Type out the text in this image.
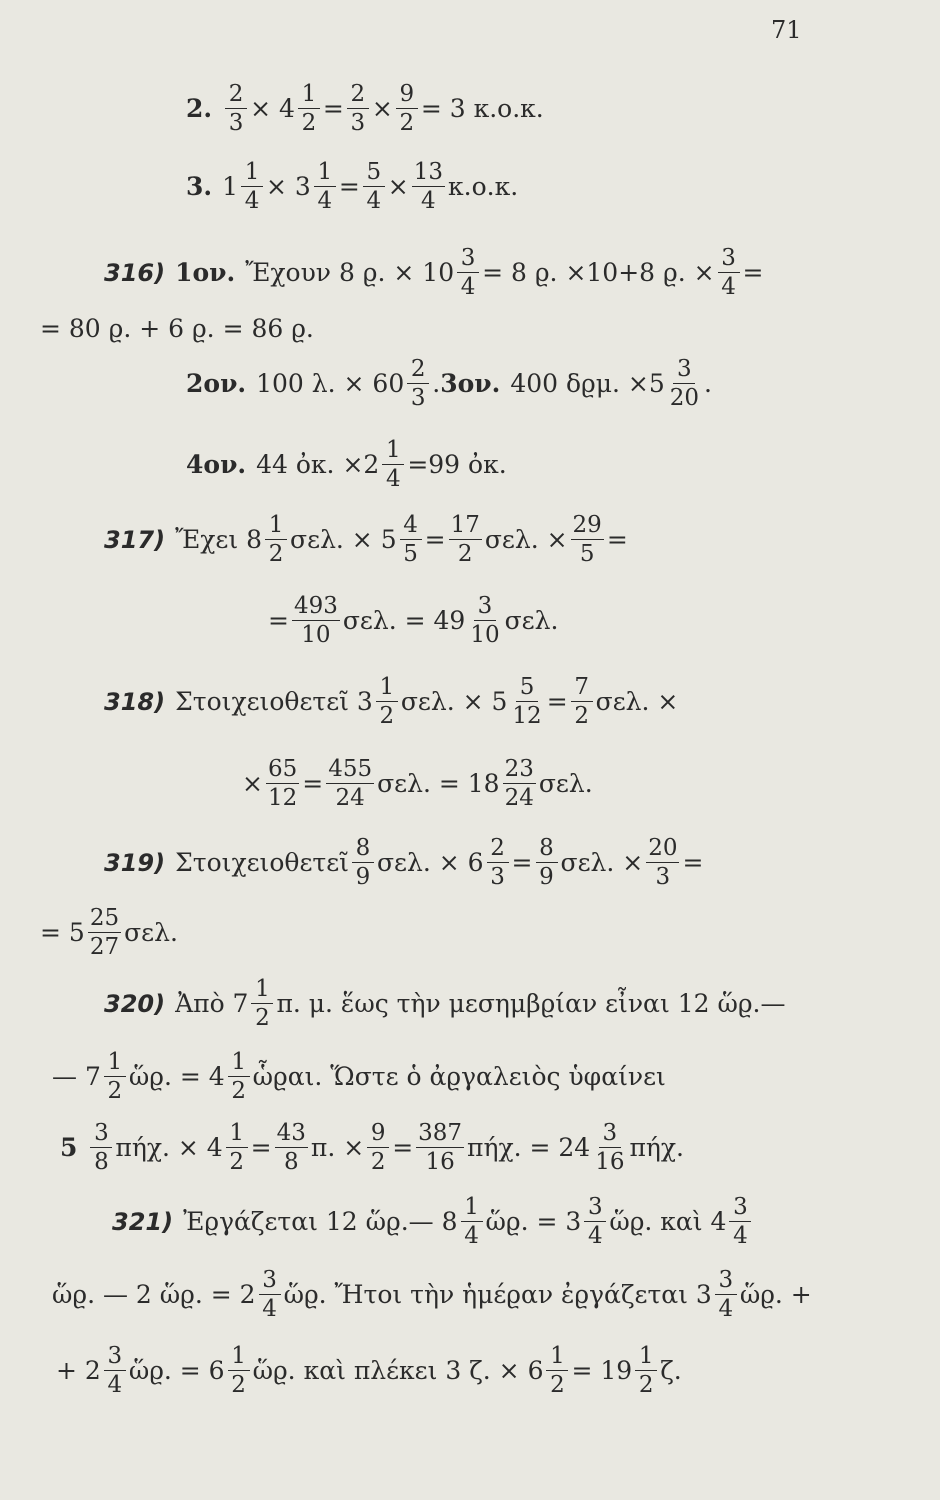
71
2. $\frac{2}{3} \times 4 \frac{1}{2} = \frac{2}{3} \times \frac{9}{2} = 3$ κ.ο.κ.
3. $1 \frac{1}{4} \times 3 \frac{1}{4} = \frac{5}{4} \times \frac{13}{4} \kappa.o.\kappa$.
316) 1ον. Ἔχουν 8 ϱ. × $10 \frac{3}{4} = 8$ ϱ. ×10+8 ϱ. × $\frac{3}{4}$ =
= 80 ϱ. + 6 ϱ. = 86 ϱ.
2ον. 100 λ. × $60 \frac{2}{3}$ . 3ον. 400 δϱμ. $\times 5 \frac{3}{20}$ .
4ον. 44 ὀκ. $\times 2 \frac{1}{4} =99$ ὀκ.
317) Ἔχει $8 \frac{1}{2} \sigma\varepsilon\lambda$. × $5 \frac{4}{5} = \frac{17}{2} \sigma\varepsilon\lambda$. × $\frac{29}{5}$ =
= $\frac{493}{10} \sigma\varepsilon\lambda$. = $49 \frac{3}{10} \sigma\varepsilon\lambda$.
318) Στοιχειοθετεῖ $3 \frac{1}{2} \sigma\varepsilon\lambda$. × $5 \frac{5}{12} = \frac{7}{2} \sigma\varepsilon\lambda$. ×
× $\frac{65}{12} = \frac{455}{24} \sigma\varepsilon\lambda$. = $18 \frac{23}{24} \sigma\varepsilon\lambda$.
319) Στοιχειοθετεῖ $\frac{8}{9} \sigma\varepsilon\lambda$. × $6 \frac{2}{3} = \frac{8}{9} \sigma\varepsilon\lambda$. × $\frac{20}{3}$ =
= $5 \frac{25}{27} \sigma\varepsilon\lambda$.
320) Ἀπὸ $7 \frac{1}{2} \pi$. μ. ἕως τὴν μεσημβϱίαν εἶναι 12 ὥϱ.—
— $7 \frac{1}{2}$ ὥϱ. = $4 \frac{1}{2}$ ὧϱαι. Ὥστε ὁ ἀϱγαλειὸς ὑφαίνει
$5 \frac{3}{8} \pi ή\chi$. × $4 \frac{1}{2} = \frac{43}{8} \pi$. × $\frac{9}{2} = \frac{387}{16} \pi ή\chi$. = $24 \frac{3}{16} \pi ή\chi$.
321) Ἐϱγάζεται 12 ὥϱ.— $8 \frac{1}{4}$ ὥϱ. = $3 \frac{3}{4}$ ὥϱ. καὶ $4 \frac{3}{4}$
ὥϱ. — 2 ὥϱ. = $2 \frac{3}{4}$ ὥϱ. Ἤτοι τὴν ἡμέϱαν ἐϱγάζεται $3 \frac{3}{4}$ ὥϱ. +
+ $2 \frac{3}{4}$ ὥϱ. = $6 \frac{1}{2}$ ὥϱ. καὶ πλέκει 3 ζ. × $6 \frac{1}{2} = 19 \frac{1}{2} \zeta$.
